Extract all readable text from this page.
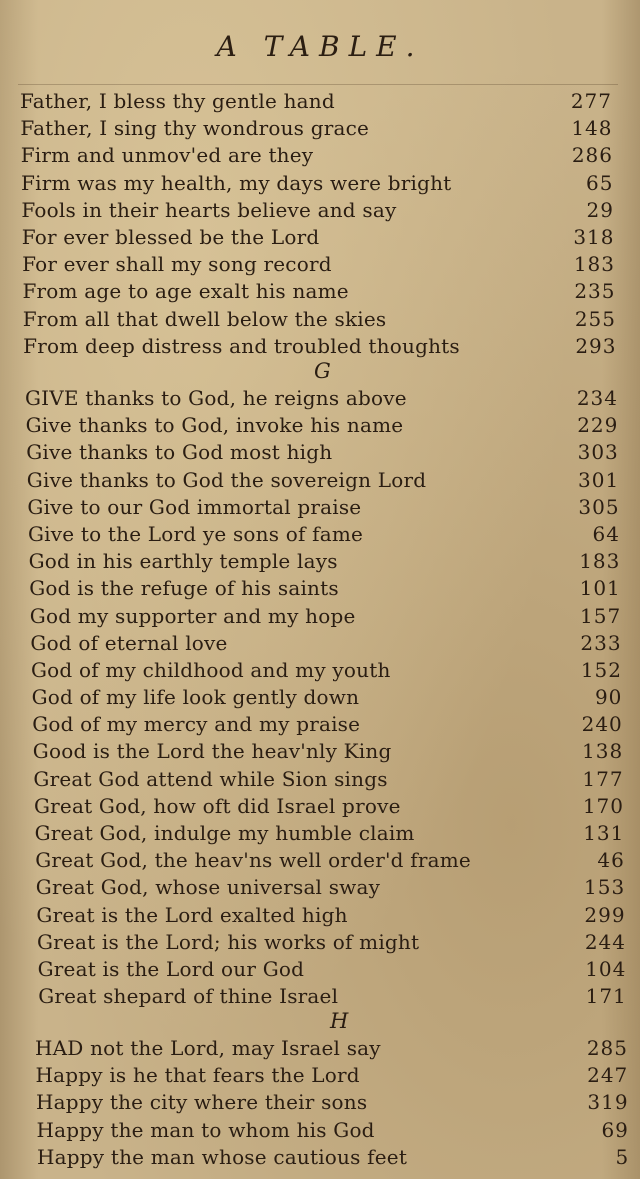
A TABLE.
Father, I bless thy gentle hand	277
Father, I sing thy wondrous grace	148
Firm and unmov'ed are they	286
Firm was my health, my days were bright	65
Fools in their hearts believe and say	29
For ever blessed be the Lord	318
For ever shall my song record	183
From age to age exalt his name	235
From all that dwell below the skies	255
From deep distress and troubled thoughts	293
G
GIVE thanks to God, he reigns above	234
Give thanks to God, invoke his name	229
Give thanks to God most high	303
Give thanks to God the sovereign Lord	301
Give to our God immortal praise	305
Give to the Lord ye sons of fame	64
God in his earthly temple lays	183
God is the refuge of his saints	101
God my supporter and my hope	157
God of eternal love	233
God of my childhood and my youth	152
God of my life look gently down	90
God of my mercy and my praise	240
Good is the Lord the heav'nly King	138
Great God attend while Sion sings	177
Great God, how oft did Israel prove	170
Great God, indulge my humble claim	131
Great God, the heav'ns well order'd frame	46
Great God, whose universal sway	153
Great is the Lord exalted high	299
Great is the Lord; his works of might	244
Great is the Lord our God	104
Great shepard of thine Israel	171
H
HAD not the Lord, may Israel say	285
Happy is he that fears the Lord	247
Happy the city where their sons	319
Happy the man to whom his God	69
Happy the man whose cautious feet	5
